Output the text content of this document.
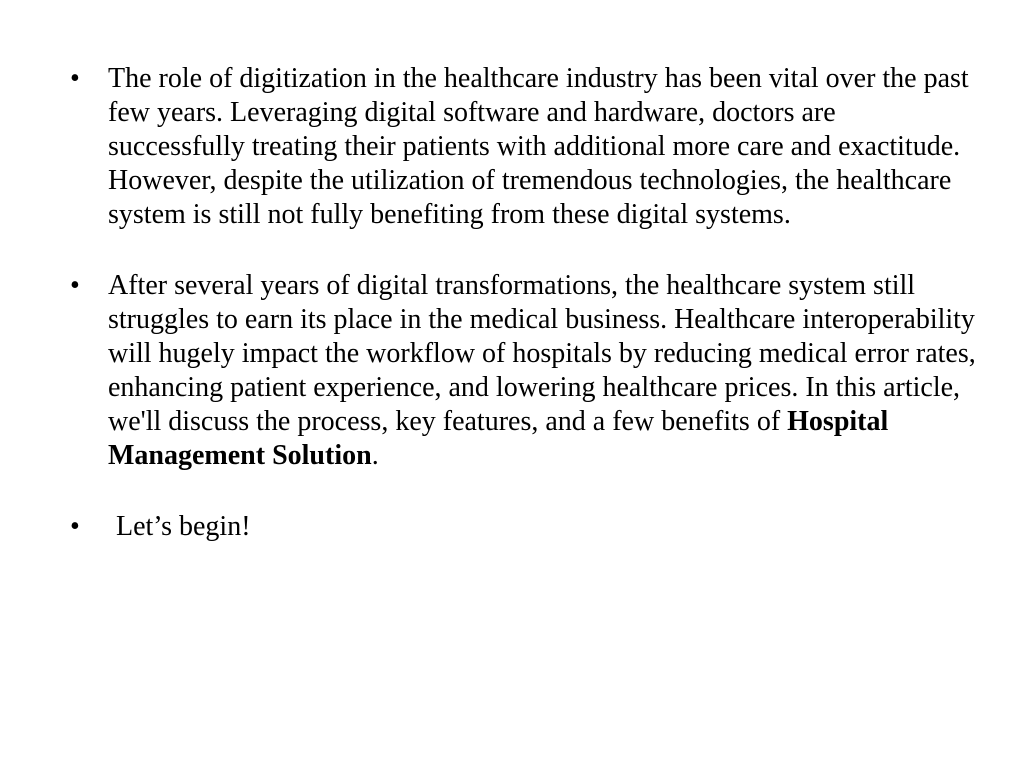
• The role of digitization in the healthcare industry has been vital over the past few years. Leveraging digital software and hardware, doctors are successfully treating their patients with additional more care and exactitude. However, despite the utilization of tremendous technologies, the healthcare system is still not fully benefiting from these digital systems.
• After several years of digital transformations, the healthcare system still struggles to earn its place in the medical business. Healthcare interoperability will hugely impact the workflow of hospitals by reducing medical error rates, enhancing patient experience, and lowering healthcare prices. In this article, we'll discuss the process, key features, and a few benefits of Hospital Management Solution.
• Let’s begin!
